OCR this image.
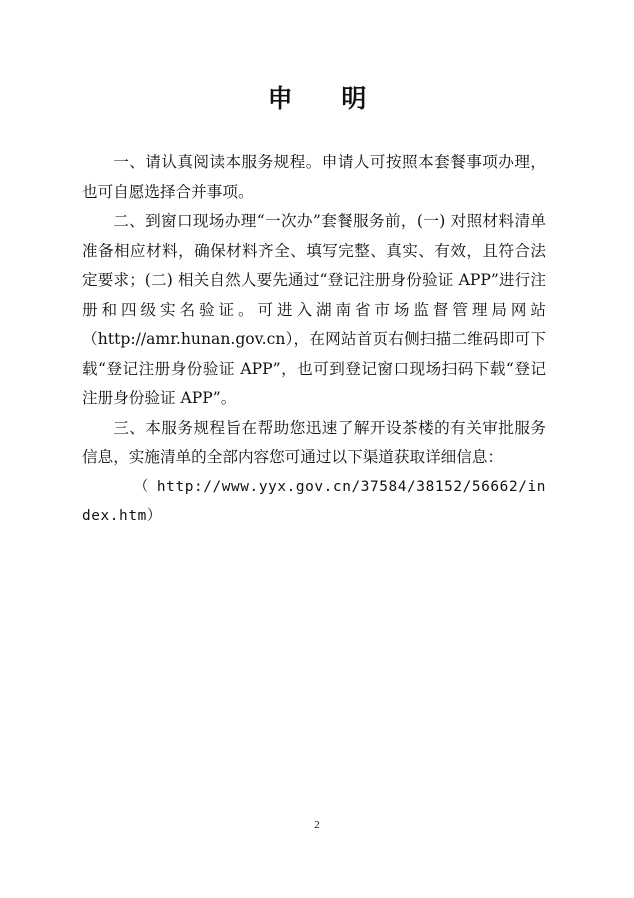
申 明

一、请认真阅读本服务规程。申请人可按照本套餐事项办理，也可自愿选择合并事项。

二、到窗口现场办理“一次办”套餐服务前，(一) 对照材料清单准备相应材料，确保材料齐全、填写完整、真实、有效，且符合法定要求；(二) 相关自然人要先通过“登记注册身份验证 APP”进行注册和四级实名验证。可进入湖南省市场监督管理局网站（http://amr.hunan.gov.cn），在网站首页右侧扫描二维码即可下载“登记注册身份验证 APP”，也可到登记窗口现场扫码下载“登记注册身份验证 APP”。

三、本服务规程旨在帮助您迅速了解开设茶楼的有关审批服务信息，实施清单的全部内容您可通过以下渠道获取详细信息：

（http://www.yyx.gov.cn/37584/38152/56662/index.htm）

2
